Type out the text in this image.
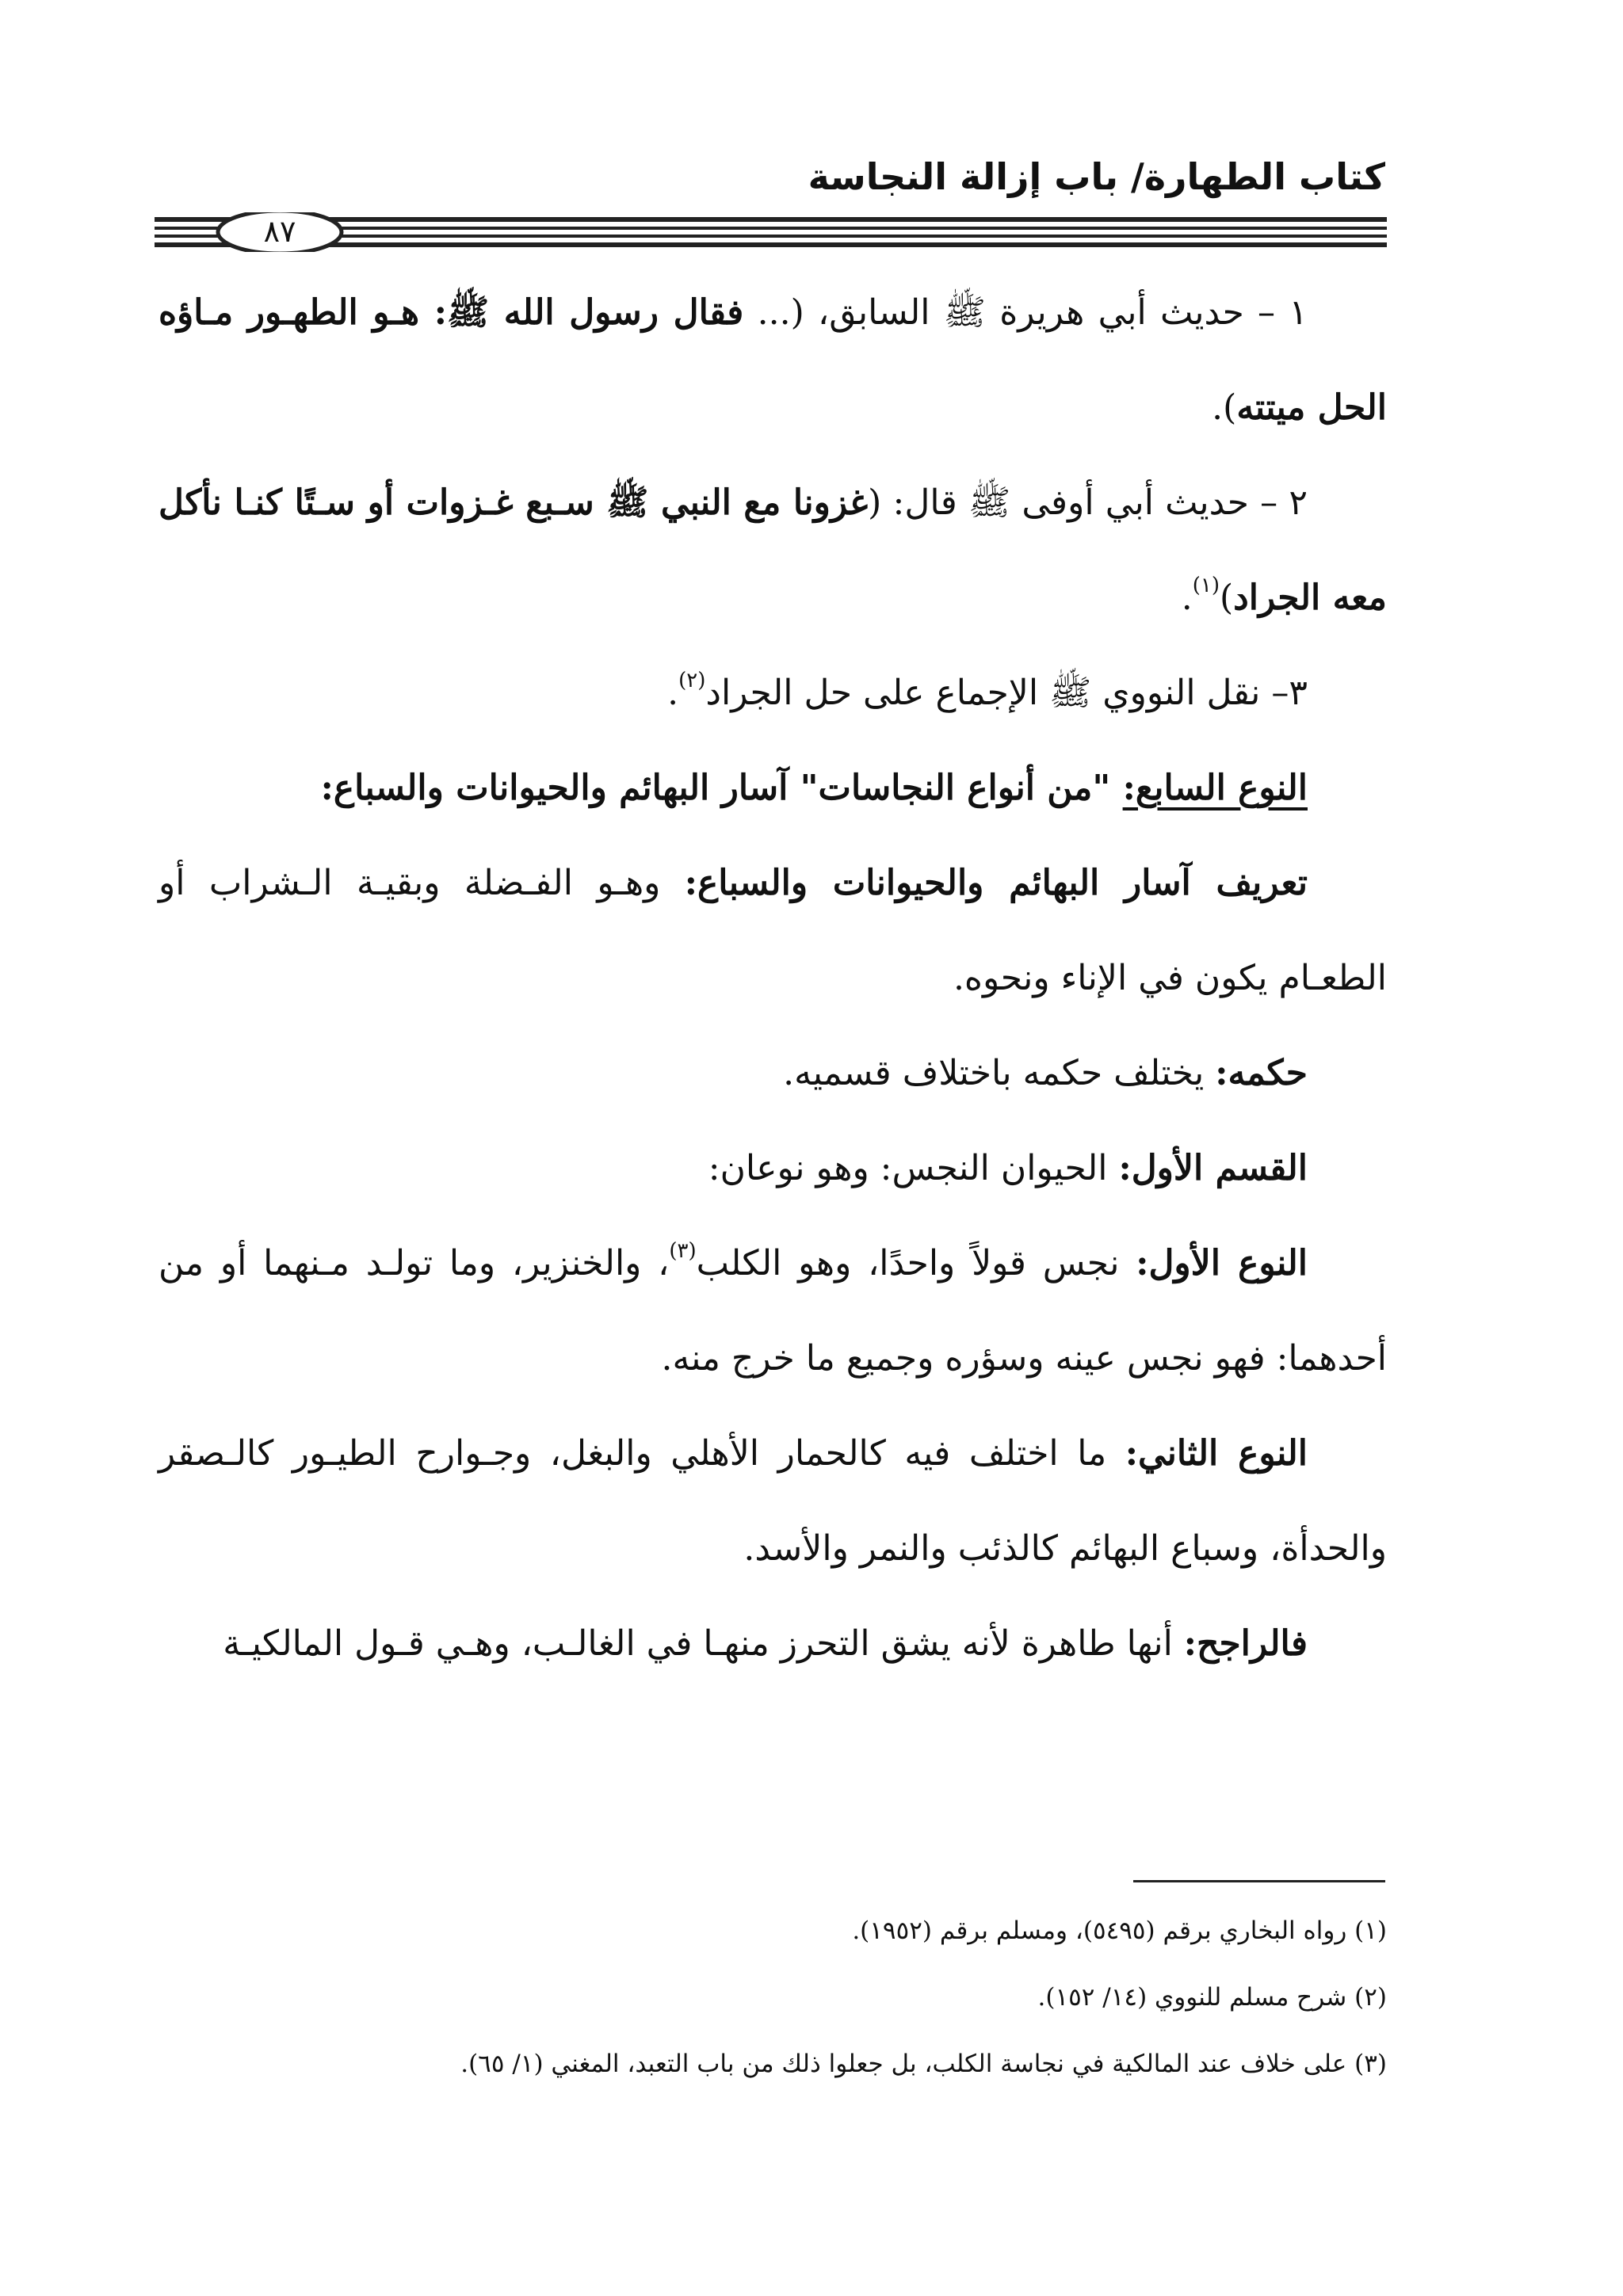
كتاب الطهارة/ باب إزالة النجاسة
٨٧

١ – حديث أبي هريرة ﷺ السابق، (... فقال رسول الله ﷺ: هـو الطهـور مـاؤه الحل ميتته).

٢ – حديث أبي أوفى ﷺ قال: (غزونا مع النبي ﷺ سـبع غـزوات أو سـتًا كنـا نأكل معه الجراد)$^{(١)}$.

٣– نقل النووي ﷺ الإجماع على حل الجراد$^{(٢)}$.

النوع السابع: "من أنواع النجاسات" آسار البهائم والحيوانات والسباع:

تعريف آسار البهائم والحيوانات والسباع: وهـو الفـضلة وبقيـة الـشراب أو الطعـام يكون في الإناء ونحوه.

حكمه: يختلف حكمه باختلاف قسميه.

القسم الأول: الحيوان النجس: وهو نوعان:

النوع الأول: نجس قولاً واحدًا، وهو الكلب$^{(٣)}$، والخنزير، وما تولـد مـنهما أو من أحدهما: فهو نجس عينه وسؤره وجميع ما خرج منه.

النوع الثاني: ما اختلف فيه كالحمار الأهلي والبغل، وجـوارح الطيـور كالـصقر والحدأة، وسباع البهائم كالذئب والنمر والأسد.

فالراجح: أنها طاهرة لأنه يشق التحرز منهـا في الغالـب، وهـي قـول المالكيـة

(١) رواه البخاري برقم (٥٤٩٥)، ومسلم برقم (١٩٥٢).

(٢) شرح مسلم للنووي (١٤/ ١٥٢).

(٣) على خلاف عند المالكية في نجاسة الكلب، بل جعلوا ذلك من باب التعبد، المغني (١/ ٦٥).
